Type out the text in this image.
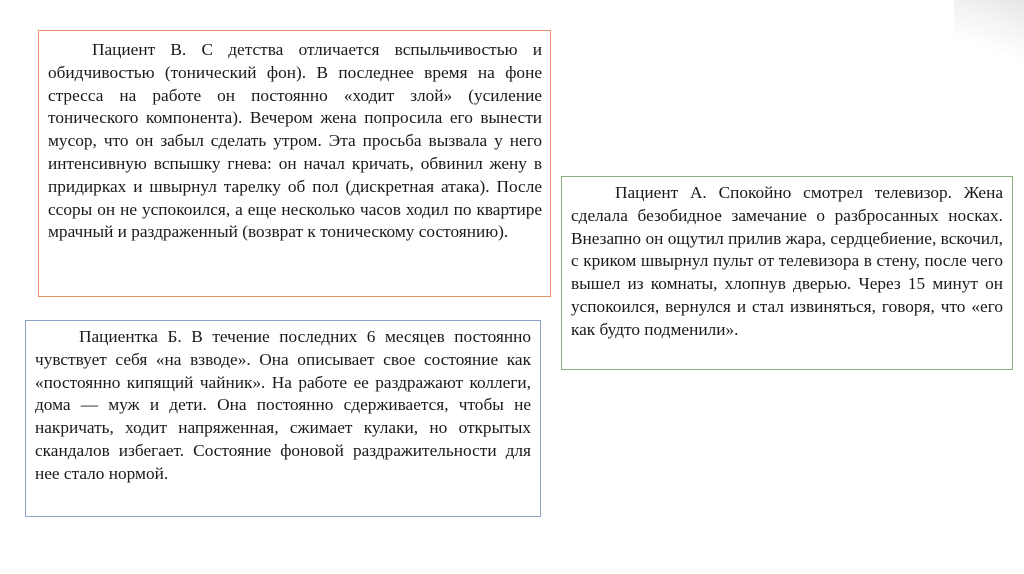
Пациент В. С детства отличается вспыльчивостью и обидчивостью (тонический фон). В последнее время на фоне стресса на работе он постоянно «ходит злой» (усиление тонического компонента). Вечером жена попросила его вынести мусор, что он забыл сделать утром. Эта просьба вызвала у него интенсивную вспышку гнева: он начал кричать, обвинил жену в придирках и швырнул тарелку об пол (дискретная атака). После ссоры он не успокоился, а еще несколько часов ходил по квартире мрачный и раздраженный (возврат к тоническому состоянию).

Пациент А. Спокойно смотрел телевизор. Жена сделала безобидное замечание о разбросанных носках. Внезапно он ощутил прилив жара, сердцебиение, вскочил, с криком швырнул пульт от телевизора в стену, после чего вышел из комнаты, хлопнув дверью. Через 15 минут он успокоился, вернулся и стал извиняться, говоря, что «его как будто подменили».

Пациентка Б. В течение последних 6 месяцев постоянно чувствует себя «на взводе». Она описывает свое состояние как «постоянно кипящий чайник». На работе ее раздражают коллеги, дома — муж и дети. Она постоянно сдерживается, чтобы не накричать, ходит напряженная, сжимает кулаки, но открытых скандалов избегает. Состояние фоновой раздражительности для нее стало нормой.
